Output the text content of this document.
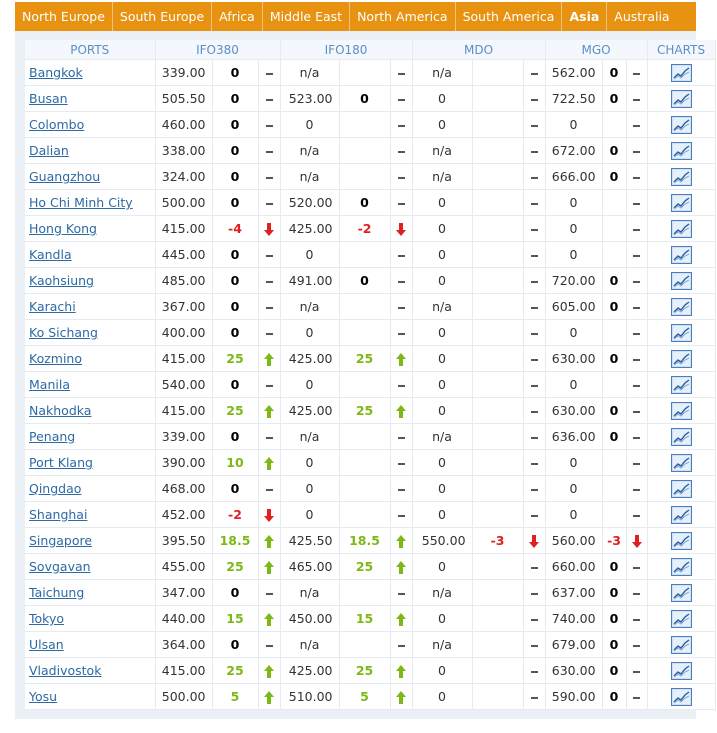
North Europe	South Europe	Africa	Middle East	North America	South America	Asia	Australia
PORTS	IFO380			IFO180			MDO			MGO			CHARTS
Bangkok	339.00	0		n/a			n/a			562.00	0		
Busan	505.50	0		523.00	0		0			722.50	0		
Colombo	460.00	0		0			0			0			
Dalian	338.00	0		n/a			n/a			672.00	0		
Guangzhou	324.00	0		n/a			n/a			666.00	0		
Ho Chi Minh City	500.00	0		520.00	0		0			0			
Hong Kong	415.00	-4		425.00	-2		0			0			
Kandla	445.00	0		0			0			0			
Kaohsiung	485.00	0		491.00	0		0			720.00	0		
Karachi	367.00	0		n/a			n/a			605.00	0		
Ko Sichang	400.00	0		0			0			0			
Kozmino	415.00	25		425.00	25		0			630.00	0		
Manila	540.00	0		0			0			0			
Nakhodka	415.00	25		425.00	25		0			630.00	0		
Penang	339.00	0		n/a			n/a			636.00	0		
Port Klang	390.00	10		0			0			0			
Qingdao	468.00	0		0			0			0			
Shanghai	452.00	-2		0			0			0			
Singapore	395.50	18.5		425.50	18.5		550.00	-3		560.00	-3		
Sovgavan	455.00	25		465.00	25		0			660.00	0		
Taichung	347.00	0		n/a			n/a			637.00	0		
Tokyo	440.00	15		450.00	15		0			740.00	0		
Ulsan	364.00	0		n/a			n/a			679.00	0		
Vladivostok	415.00	25		425.00	25		0			630.00	0		
Yosu	500.00	5		510.00	5		0			590.00	0		
